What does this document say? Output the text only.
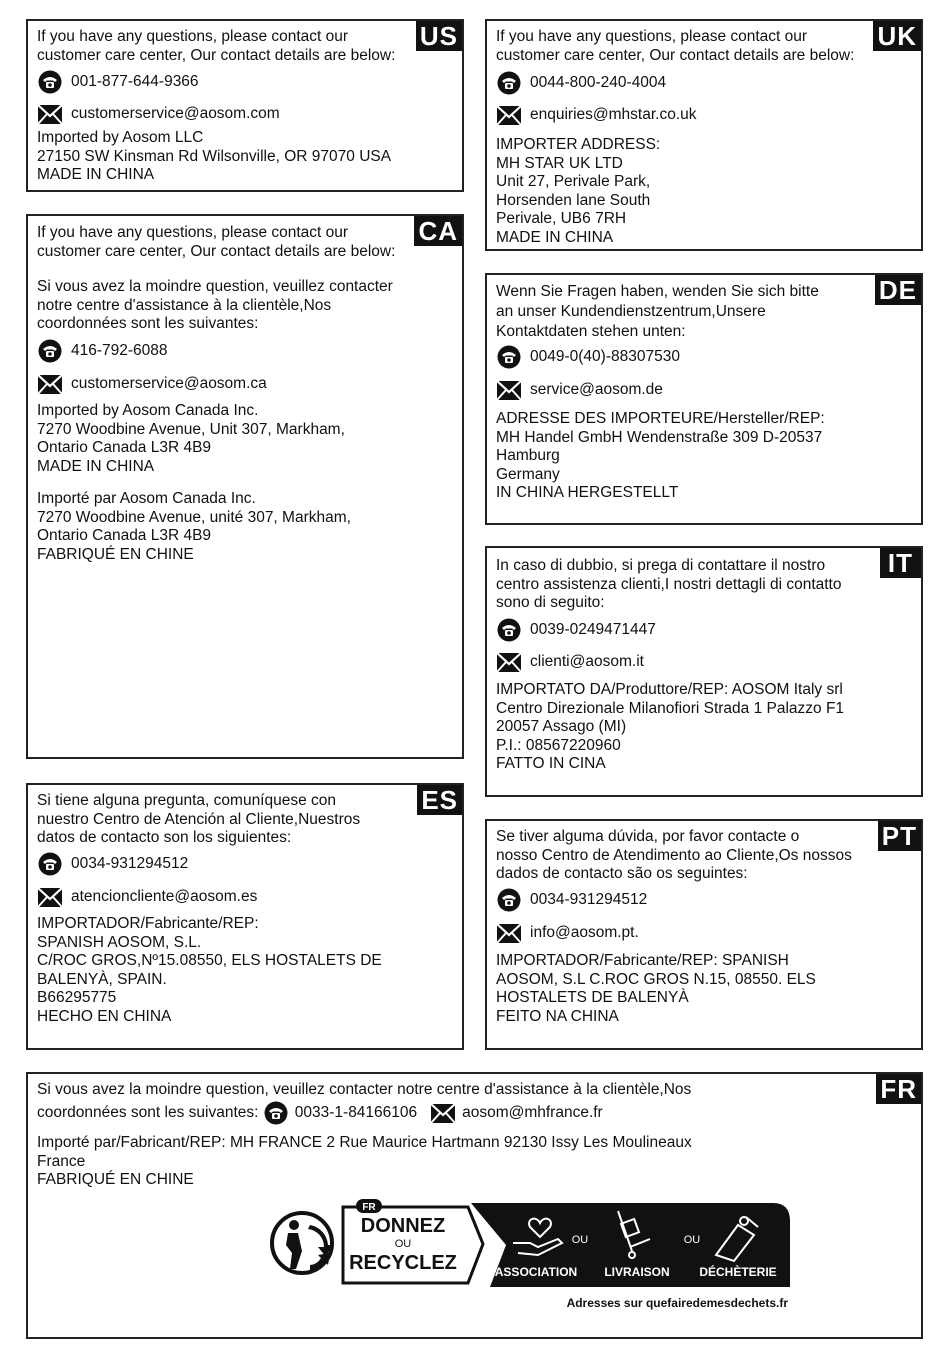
US
If you have any questions, please contact our
customer care center, Our contact details are below:
001-877-644-9366
customerservice@aosom.com
Imported by Aosom LLC
27150 SW Kinsman Rd Wilsonville, OR 97070 USA
MADE IN CHINA
UK
If you have any questions, please contact our
customer care center, Our contact details are below:
0044-800-240-4004
enquiries@mhstar.co.uk
IMPORTER ADDRESS:
MH STAR UK LTD
Unit 27, Perivale Park,
Horsenden lane South
Perivale, UB6 7RH
MADE IN CHINA
CA
If you have any questions, please contact our
customer care center, Our contact details are below:
Si vous avez la moindre question, veuillez contacter
notre centre d'assistance à la clientèle,Nos
coordonnées sont les suivantes:
416-792-6088
customerservice@aosom.ca
Imported by Aosom Canada Inc.
7270 Woodbine Avenue, Unit 307, Markham,
Ontario Canada L3R 4B9
MADE IN CHINA
Importé par Aosom Canada Inc.
7270 Woodbine Avenue, unité 307, Markham,
Ontario Canada L3R 4B9
FABRIQUÉ EN CHINE
DE
Wenn Sie Fragen haben, wenden Sie sich bitte
an unser Kundendienstzentrum,Unsere
Kontaktdaten stehen unten:
0049-0(40)-88307530
service@aosom.de
ADRESSE DES IMPORTEURE/Hersteller/REP:
MH Handel GmbH Wendenstraße 309 D-20537
Hamburg
Germany
IN CHINA HERGESTELLT
IT
In caso di dubbio, si prega di contattare il nostro
centro assistenza clienti,I nostri dettagli di contatto
sono di seguito:
0039-0249471447
clienti@aosom.it
IMPORTATO DA/Produttore/REP: AOSOM Italy srl
Centro Direzionale Milanofiori Strada 1 Palazzo F1
20057 Assago (MI)
P.I.: 08567220960
FATTO IN CINA
ES
Si tiene alguna pregunta, comuníquese con
nuestro Centro de Atención al Cliente,Nuestros
datos de contacto son los siguientes:
0034-931294512
atencioncliente@aosom.es
IMPORTADOR/Fabricante/REP:
SPANISH AOSOM, S.L.
C/ROC GROS,Nº15.08550, ELS HOSTALETS DE
BALENYÀ, SPAIN.
B66295775
HECHO EN CHINA
PT
Se tiver alguma dúvida, por favor contacte o
nosso Centro de Atendimento ao Cliente,Os nossos
dados de contacto são os seguintes:
0034-931294512
info@aosom.pt.
IMPORTADOR/Fabricante/REP: SPANISH
AOSOM, S.L C.ROC GROS N.15, 08550. ELS
HOSTALETS DE BALENYÀ
FEITO NA CHINA
FR
Si vous avez la moindre question, veuillez contacter notre centre d'assistance à la clientèle,Nos
coordonnées sont les suivantes: 0033-1-84166106
	aosom@mhfrance.fr
Importé par/Fabricant/REP: MH FRANCE 2 Rue Maurice Hartmann 92130 Issy Les Moulineaux
France
FABRIQUÉ EN CHINE
FR
DONNEZ
OU
RECYCLEZ
OU	OU
ASSOCIATION LIVRAISON DÉCHÈTERIE
Adresses sur quefairedemesdechets.fr
